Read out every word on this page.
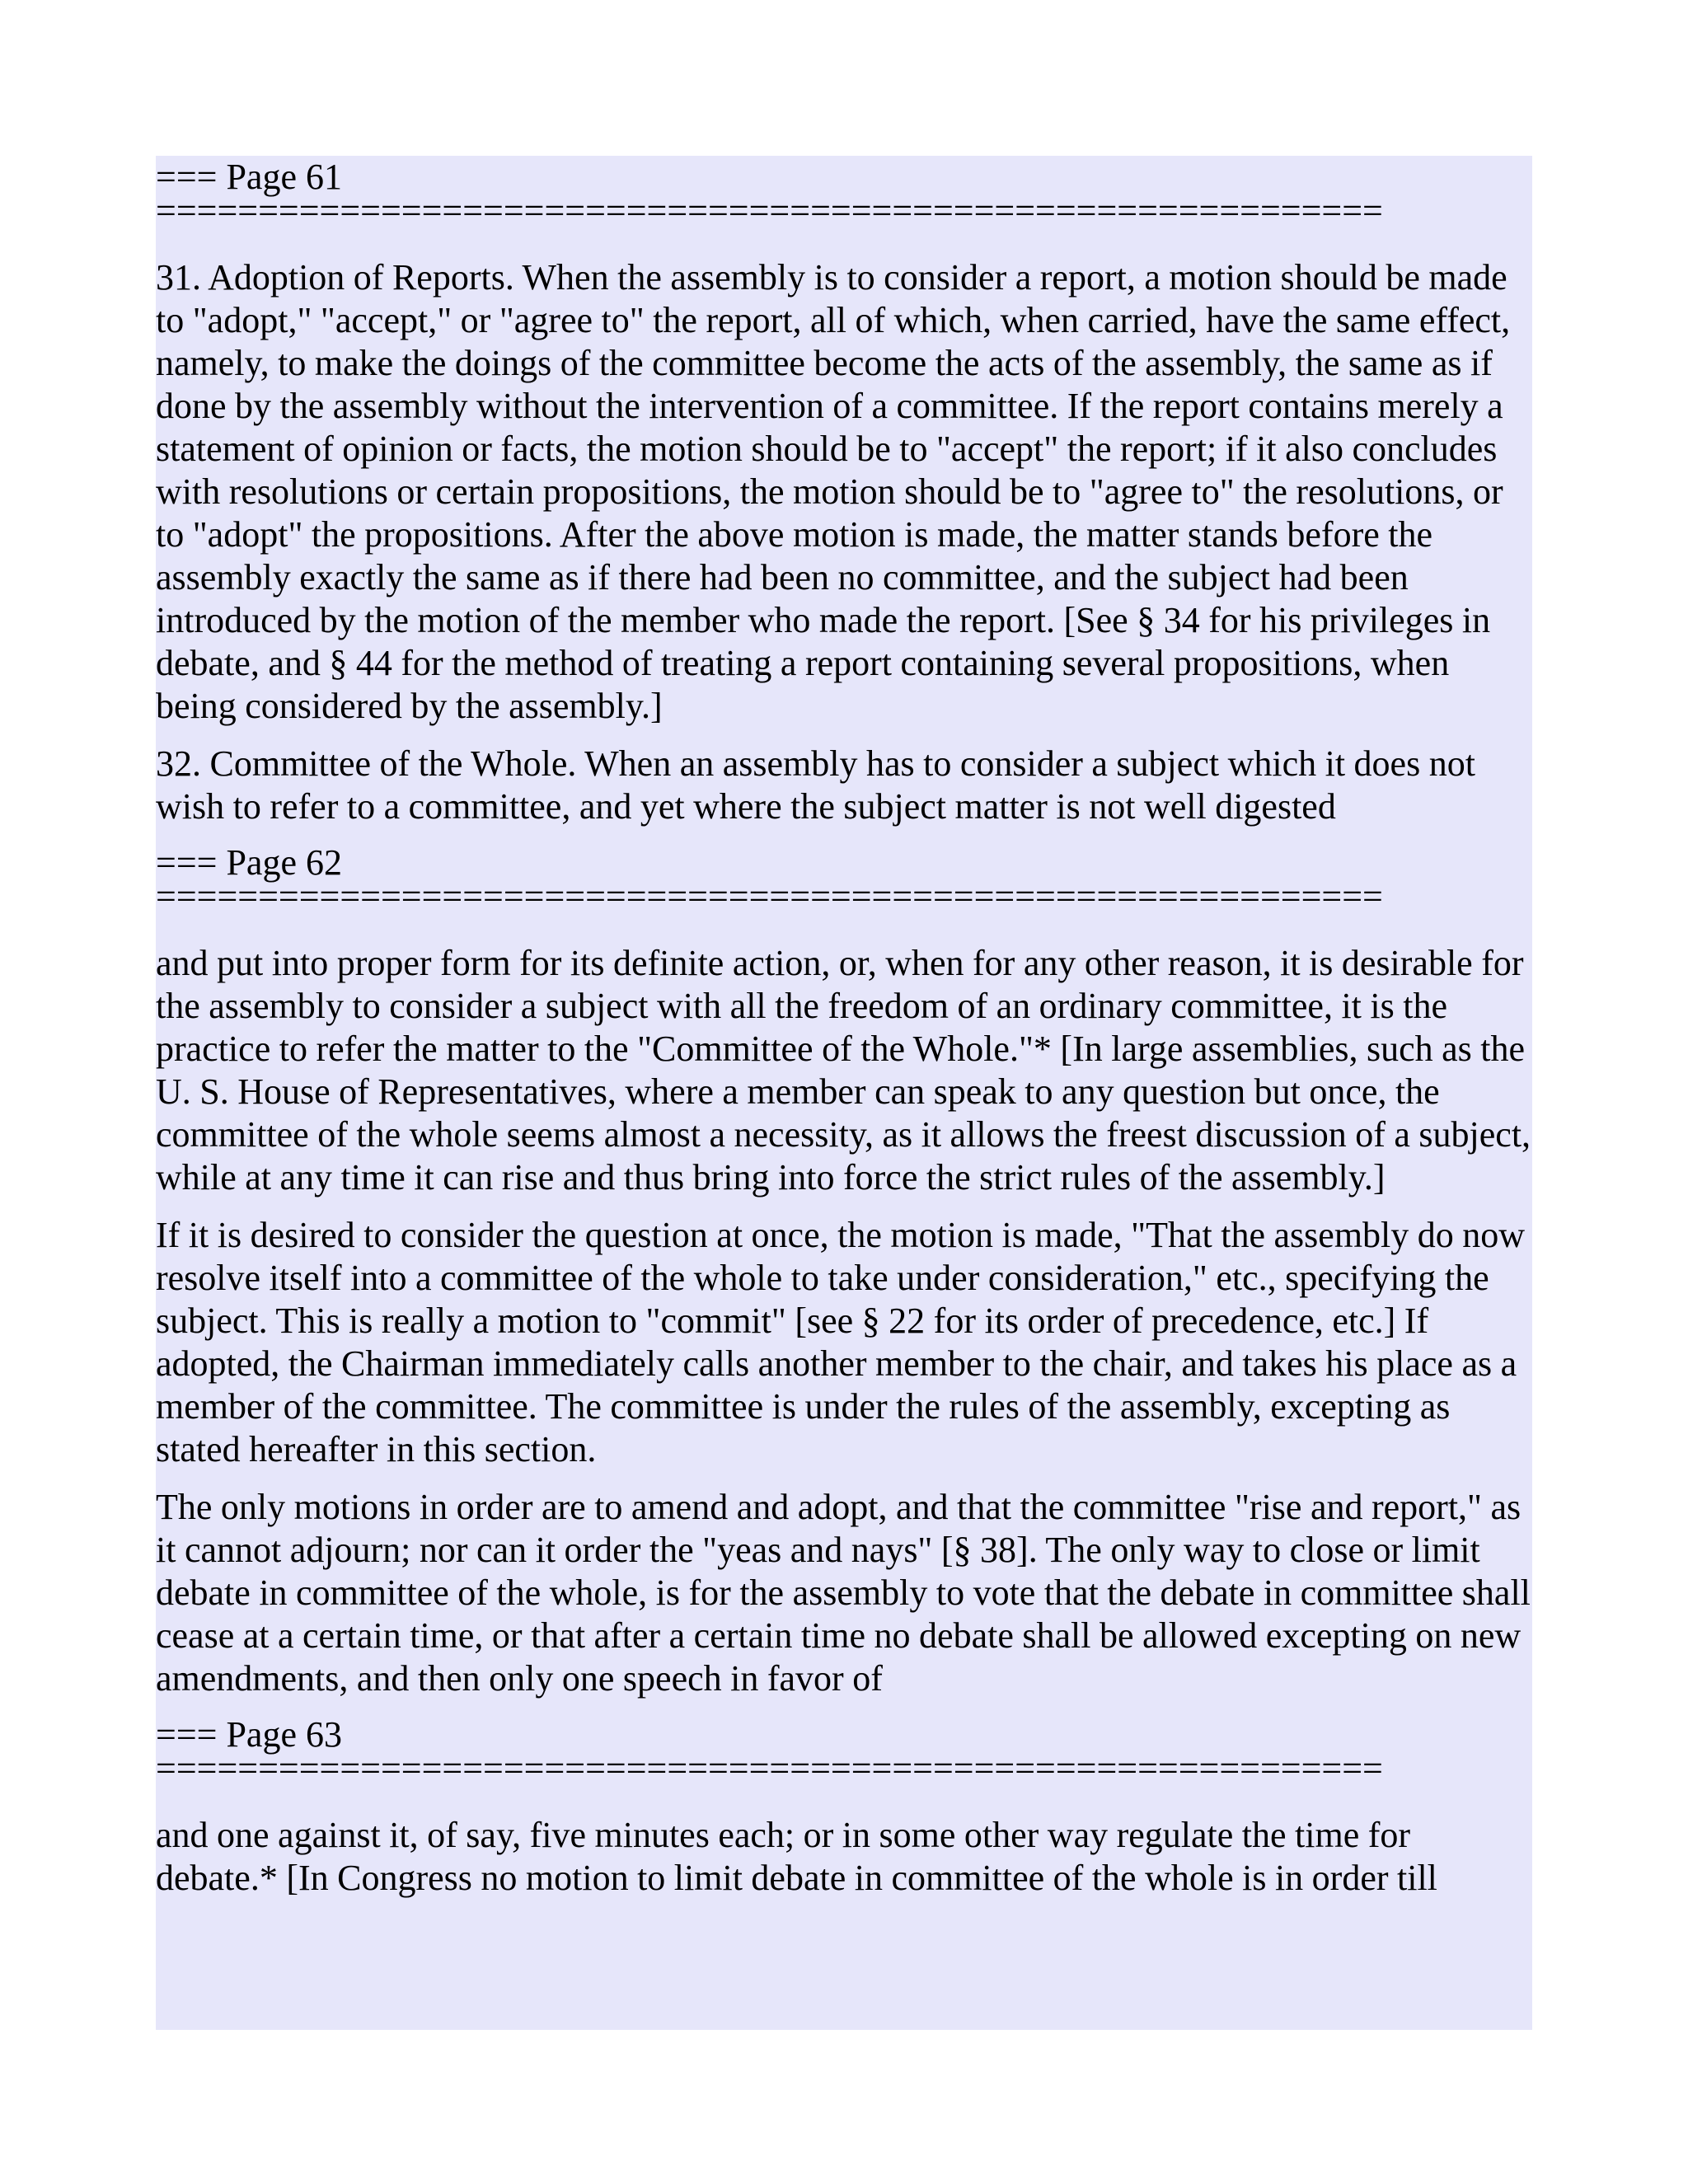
=== Page 61
============================================================

31. Adoption of Reports. When the assembly is to consider a report, a motion should be made to "adopt," "accept," or "agree to" the report, all of which, when carried, have the same effect, namely, to make the doings of the committee become the acts of the assembly, the same as if done by the assembly without the intervention of a committee. If the report contains merely a statement of opinion or facts, the motion should be to "accept" the report; if it also concludes with resolutions or certain propositions, the motion should be to "agree to" the resolutions, or to "adopt" the propositions. After the above motion is made, the matter stands before the assembly exactly the same as if there had been no committee, and the subject had been introduced by the motion of the member who made the report. [See § 34 for his privileges in debate, and § 44 for the method of treating a report containing several propositions, when being considered by the assembly.]

32. Committee of the Whole. When an assembly has to consider a subject which it does not wish to refer to a committee, and yet where the subject matter is not well digested

=== Page 62
============================================================

and put into proper form for its definite action, or, when for any other reason, it is desirable for the assembly to consider a subject with all the freedom of an ordinary committee, it is the practice to refer the matter to the "Committee of the Whole."* [In large assemblies, such as the U. S. House of Representatives, where a member can speak to any question but once, the committee of the whole seems almost a necessity, as it allows the freest discussion of a subject, while at any time it can rise and thus bring into force the strict rules of the assembly.]

If it is desired to consider the question at once, the motion is made, "That the assembly do now resolve itself into a committee of the whole to take under consideration," etc., specifying the subject. This is really a motion to "commit" [see § 22 for its order of precedence, etc.] If adopted, the Chairman immediately calls another member to the chair, and takes his place as a member of the committee. The committee is under the rules of the assembly, excepting as stated hereafter in this section.

The only motions in order are to amend and adopt, and that the committee "rise and report," as it cannot adjourn; nor can it order the "yeas and nays" [§ 38]. The only way to close or limit debate in committee of the whole, is for the assembly to vote that the debate in committee shall cease at a certain time, or that after a certain time no debate shall be allowed excepting on new amendments, and then only one speech in favor of

=== Page 63
============================================================

and one against it, of say, five minutes each; or in some other way regulate the time for debate.* [In Congress no motion to limit debate in committee of the whole is in order till
